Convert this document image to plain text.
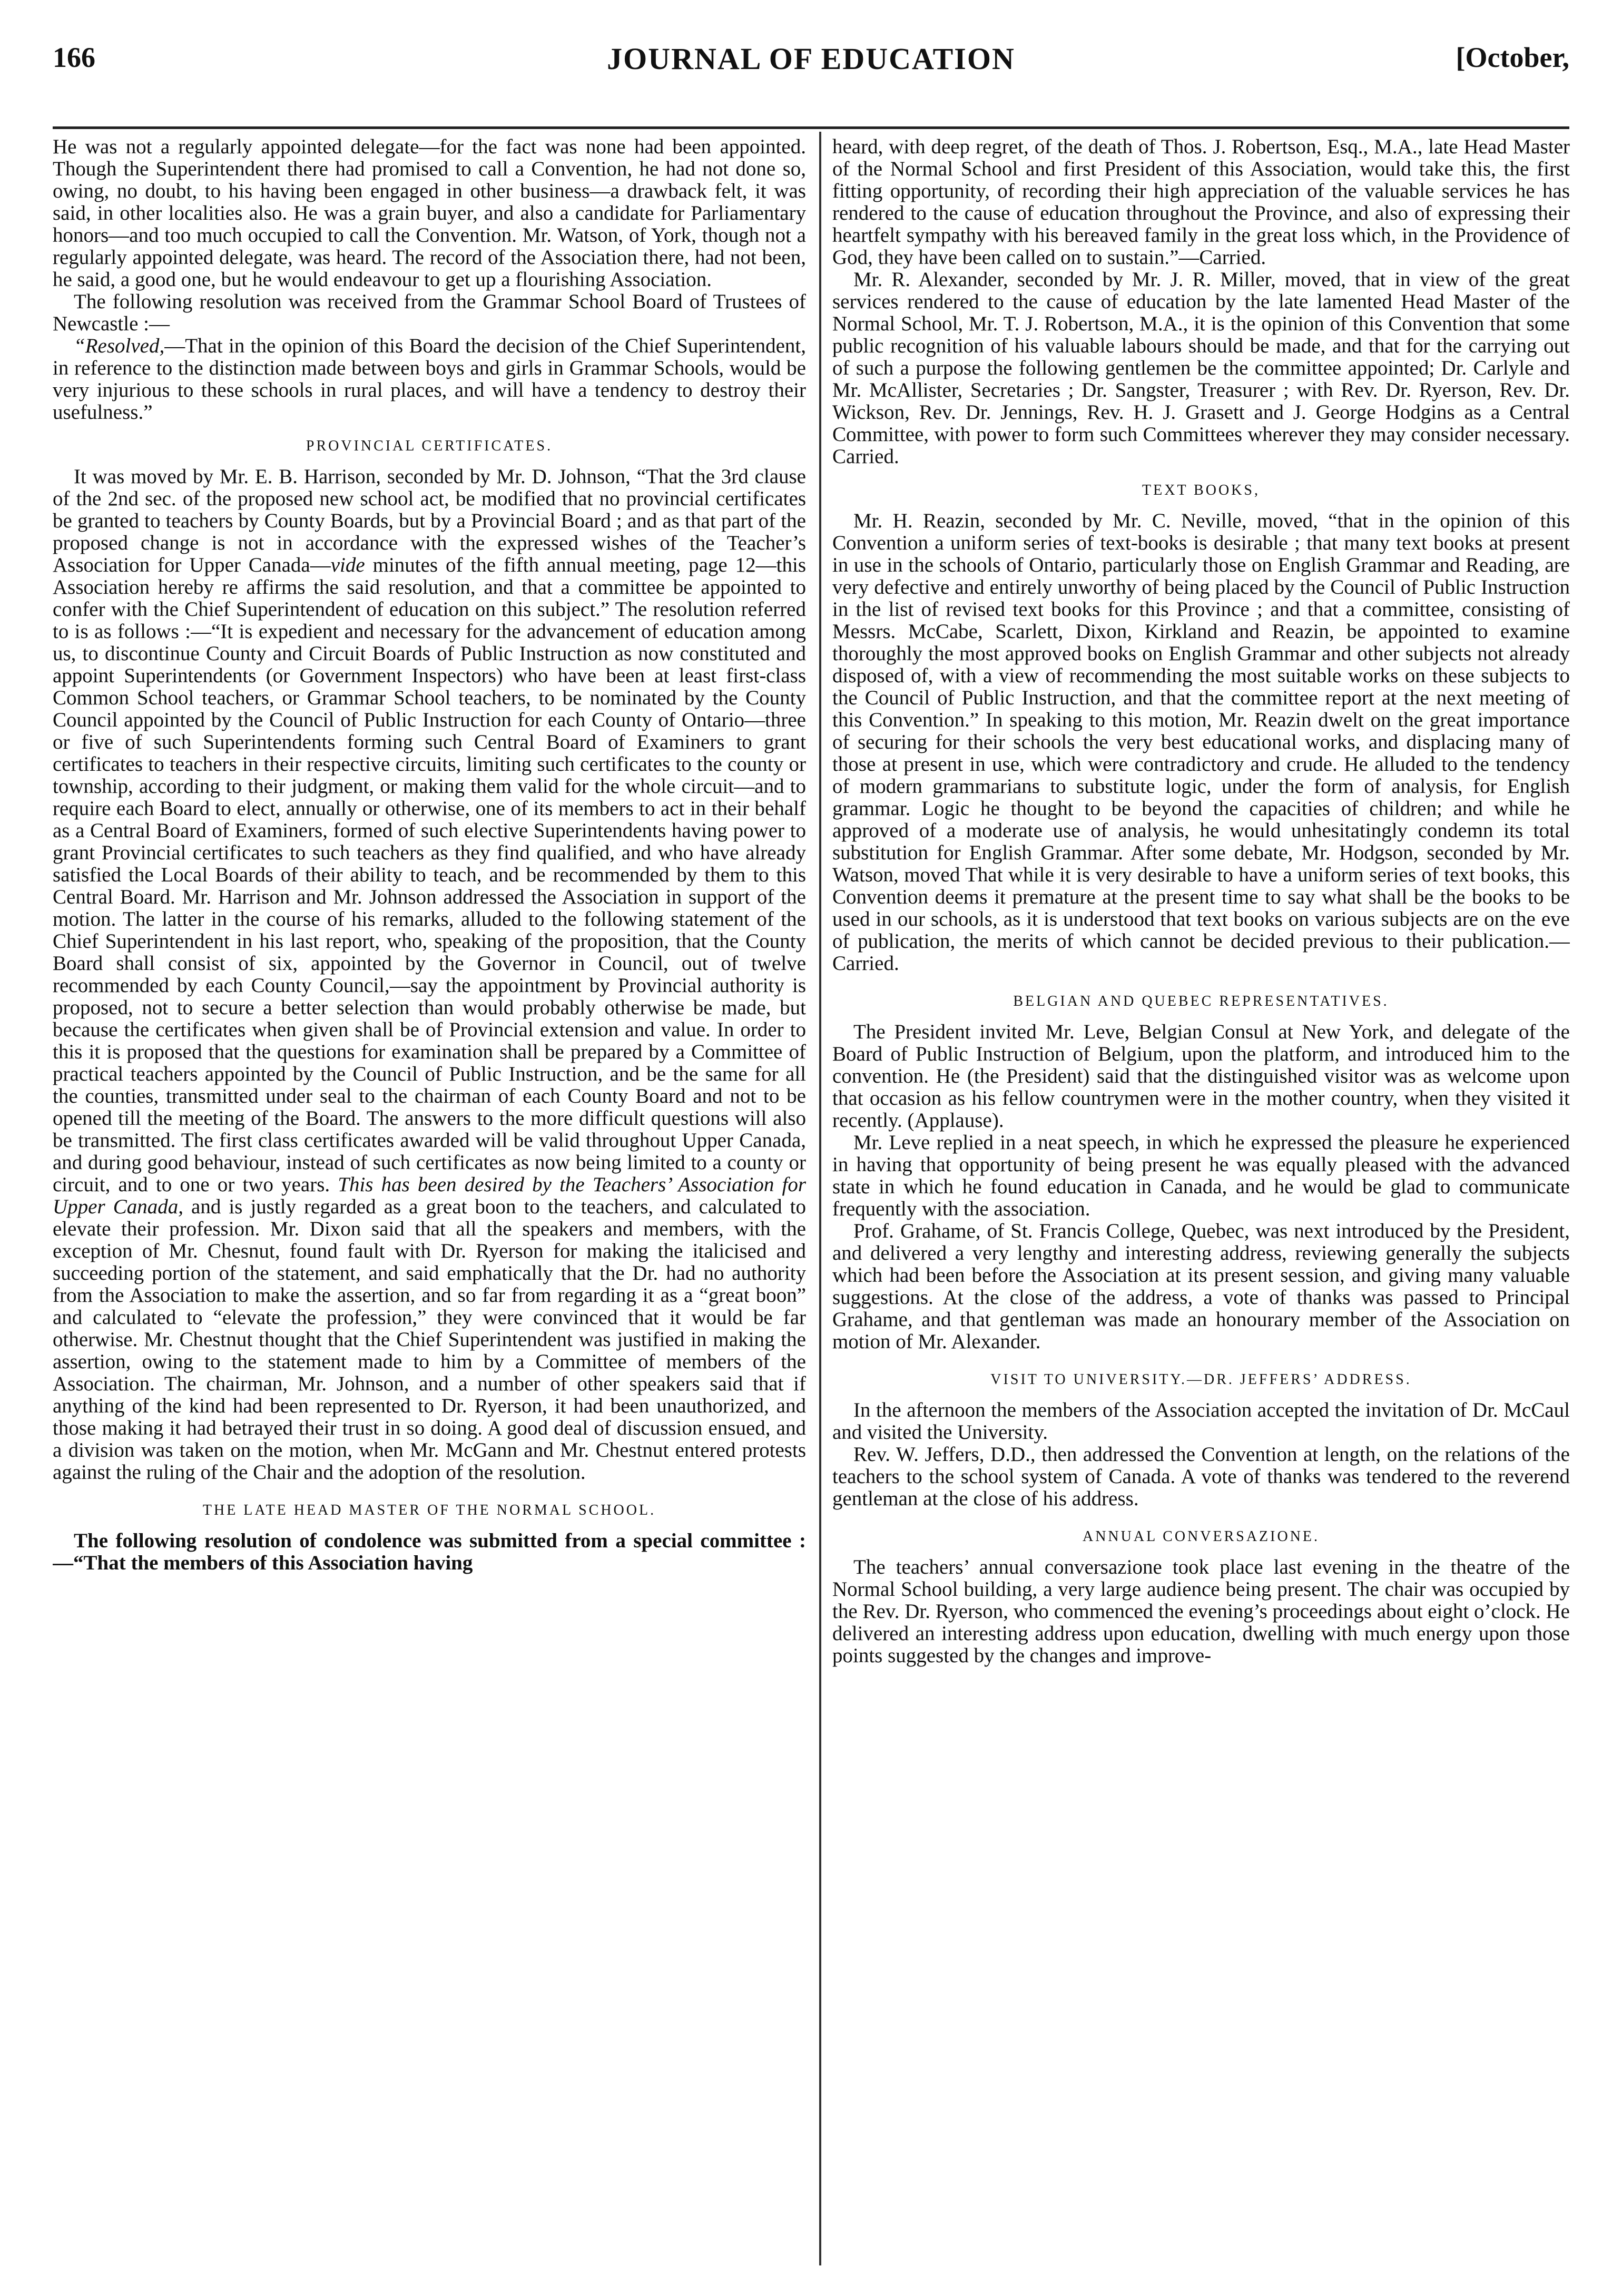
166	JOURNAL OF EDUCATION	[October,

He was not a regularly appointed delegate—for the fact was none had been appointed. Though the Superintendent there had promised to call a Convention, he had not done so, owing, no doubt, to his having been engaged in other business—a drawback felt, it was said, in other localities also. He was a grain buyer, and also a candidate for Parliamentary honors—and too much occupied to call the Convention. Mr. Watson, of York, though not a regularly appointed delegate, was heard. The record of the Association there, had not been, he said, a good one, but he would endeavour to get up a flourishing Association.

The following resolution was received from the Grammar School Board of Trustees of Newcastle :—

“Resolved,—That in the opinion of this Board the decision of the Chief Superintendent, in reference to the distinction made between boys and girls in Grammar Schools, would be very injurious to these schools in rural places, and will have a tendency to destroy their usefulness.”

PROVINCIAL CERTIFICATES.

It was moved by Mr. E. B. Harrison, seconded by Mr. D. Johnson, “That the 3rd clause of the 2nd sec. of the proposed new school act, be modified that no provincial certificates be granted to teachers by County Boards, but by a Provincial Board ; and as that part of the proposed change is not in accordance with the expressed wishes of the Teacher’s Association for Upper Canada—vide minutes of the fifth annual meeting, page 12—this Association hereby re affirms the said resolution, and that a committee be appointed to confer with the Chief Superintendent of education on this subject.” The resolution referred to is as follows :—“It is expedient and necessary for the advancement of education among us, to discontinue County and Circuit Boards of Public Instruction as now constituted and appoint Superintendents (or Government Inspectors) who have been at least first-class Common School teachers, or Grammar School teachers, to be nominated by the County Council appointed by the Council of Public Instruction for each County of Ontario—three or five of such Superintendents forming such Central Board of Examiners to grant certificates to teachers in their respective circuits, limiting such certificates to the county or township, according to their judgment, or making them valid for the whole circuit—and to require each Board to elect, annually or otherwise, one of its members to act in their behalf as a Central Board of Examiners, formed of such elective Superintendents having power to grant Provincial certificates to such teachers as they find qualified, and who have already satisfied the Local Boards of their ability to teach, and be recommended by them to this Central Board. Mr. Harrison and Mr. Johnson addressed the Association in support of the motion. The latter in the course of his remarks, alluded to the following statement of the Chief Superintendent in his last report, who, speaking of the proposition, that the County Board shall consist of six, appointed by the Governor in Council, out of twelve recommended by each County Council,—say the appointment by Provincial authority is proposed, not to secure a better selection than would probably otherwise be made, but because the certificates when given shall be of Provincial extension and value. In order to this it is proposed that the questions for examination shall be prepared by a Committee of practical teachers appointed by the Council of Public Instruction, and be the same for all the counties, transmitted under seal to the chairman of each County Board and not to be opened till the meeting of the Board. The answers to the more difficult questions will also be transmitted. The first class certificates awarded will be valid throughout Upper Canada, and during good behaviour, instead of such certificates as now being limited to a county or circuit, and to one or two years. This has been desired by the Teachers’ Association for Upper Canada, and is justly regarded as a great boon to the teachers, and calculated to elevate their profession. Mr. Dixon said that all the speakers and members, with the exception of Mr. Chesnut, found fault with Dr. Ryerson for making the italicised and succeeding portion of the statement, and said emphatically that the Dr. had no authority from the Association to make the assertion, and so far from regarding it as a “great boon” and calculated to “elevate the profession,” they were convinced that it would be far otherwise. Mr. Chestnut thought that the Chief Superintendent was justified in making the assertion, owing to the statement made to him by a Committee of members of the Association. The chairman, Mr. Johnson, and a number of other speakers said that if anything of the kind had been represented to Dr. Ryerson, it had been unauthorized, and those making it had betrayed their trust in so doing. A good deal of discussion ensued, and a division was taken on the motion, when Mr. McGann and Mr. Chestnut entered protests against the ruling of the Chair and the adoption of the resolution.

THE LATE HEAD MASTER OF THE NORMAL SCHOOL.

The following resolution of condolence was submitted from a special committee :—“That the members of this Association having

heard, with deep regret, of the death of Thos. J. Robertson, Esq., M.A., late Head Master of the Normal School and first President of this Association, would take this, the first fitting opportunity, of recording their high appreciation of the valuable services he has rendered to the cause of education throughout the Province, and also of expressing their heartfelt sympathy with his bereaved family in the great loss which, in the Providence of God, they have been called on to sustain.”—Carried.

Mr. R. Alexander, seconded by Mr. J. R. Miller, moved, that in view of the great services rendered to the cause of education by the late lamented Head Master of the Normal School, Mr. T. J. Robertson, M.A., it is the opinion of this Convention that some public recognition of his valuable labours should be made, and that for the carrying out of such a purpose the following gentlemen be the committee appointed; Dr. Carlyle and Mr. McAllister, Secretaries ; Dr. Sangster, Treasurer ; with Rev. Dr. Ryerson, Rev. Dr. Wickson, Rev. Dr. Jennings, Rev. H. J. Grasett and J. George Hodgins as a Central Committee, with power to form such Committees wherever they may consider necessary. Carried.

TEXT BOOKS,

Mr. H. Reazin, seconded by Mr. C. Neville, moved, “that in the opinion of this Convention a uniform series of text-books is desirable ; that many text books at present in use in the schools of Ontario, particularly those on English Grammar and Reading, are very defective and entirely unworthy of being placed by the Council of Public Instruction in the list of revised text books for this Province ; and that a committee, consisting of Messrs. McCabe, Scarlett, Dixon, Kirkland and Reazin, be appointed to examine thoroughly the most approved books on English Grammar and other subjects not already disposed of, with a view of recommending the most suitable works on these subjects to the Council of Public Instruction, and that the committee report at the next meeting of this Convention.” In speaking to this motion, Mr. Reazin dwelt on the great importance of securing for their schools the very best educational works, and displacing many of those at present in use, which were contradictory and crude. He alluded to the tendency of modern grammarians to substitute logic, under the form of analysis, for English grammar. Logic he thought to be beyond the capacities of children; and while he approved of a moderate use of analysis, he would unhesitatingly condemn its total substitution for English Grammar. After some debate, Mr. Hodgson, seconded by Mr. Watson, moved That while it is very desirable to have a uniform series of text books, this Convention deems it premature at the present time to say what shall be the books to be used in our schools, as it is understood that text books on various subjects are on the eve of publication, the merits of which cannot be decided previous to their publication.—Carried.

BELGIAN AND QUEBEC REPRESENTATIVES.

The President invited Mr. Leve, Belgian Consul at New York, and delegate of the Board of Public Instruction of Belgium, upon the platform, and introduced him to the convention. He (the President) said that the distinguished visitor was as welcome upon that occasion as his fellow countrymen were in the mother country, when they visited it recently. (Applause).

Mr. Leve replied in a neat speech, in which he expressed the pleasure he experienced in having that opportunity of being present he was equally pleased with the advanced state in which he found education in Canada, and he would be glad to communicate frequently with the association.

Prof. Grahame, of St. Francis College, Quebec, was next introduced by the President, and delivered a very lengthy and interesting address, reviewing generally the subjects which had been before the Association at its present session, and giving many valuable suggestions. At the close of the address, a vote of thanks was passed to Principal Grahame, and that gentleman was made an honourary member of the Association on motion of Mr. Alexander.

VISIT TO UNIVERSITY.—DR. JEFFERS’ ADDRESS.

In the afternoon the members of the Association accepted the invitation of Dr. McCaul and visited the University.

Rev. W. Jeffers, D.D., then addressed the Convention at length, on the relations of the teachers to the school system of Canada. A vote of thanks was tendered to the reverend gentleman at the close of his address.

ANNUAL CONVERSAZIONE.

The teachers’ annual conversazione took place last evening in the theatre of the Normal School building, a very large audience being present. The chair was occupied by the Rev. Dr. Ryerson, who commenced the evening’s proceedings about eight o’clock. He delivered an interesting address upon education, dwelling with much energy upon those points suggested by the changes and improve-
